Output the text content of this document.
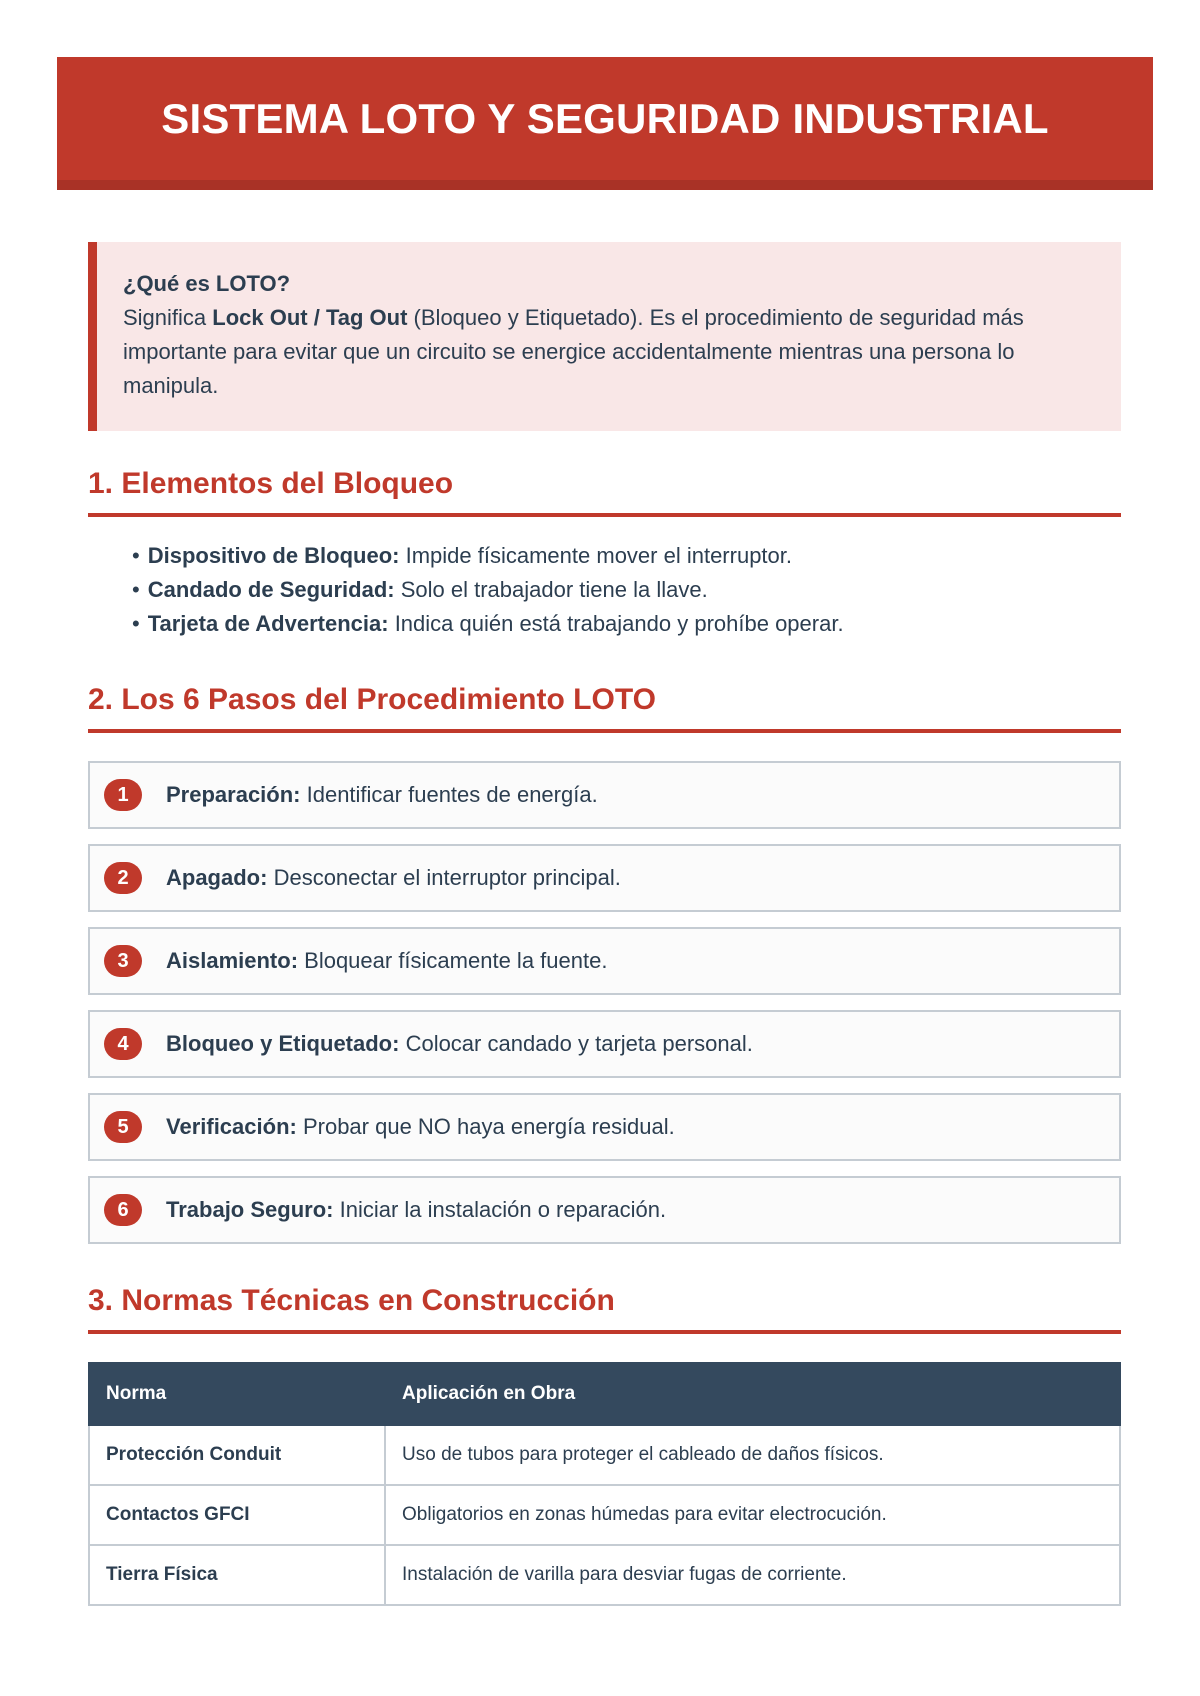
SISTEMA LOTO Y SEGURIDAD INDUSTRIAL
¿Qué es LOTO?
Significa Lock Out / Tag Out (Bloqueo y Etiquetado). Es el procedimiento de seguridad más importante para evitar que un circuito se energice accidentalmente mientras una persona lo manipula.
1. Elementos del Bloqueo
• Dispositivo de Bloqueo: Impide físicamente mover el interruptor.
• Candado de Seguridad: Solo el trabajador tiene la llave.
• Tarjeta de Advertencia: Indica quién está trabajando y prohíbe operar.
2. Los 6 Pasos del Procedimiento LOTO
1	Preparación: Identificar fuentes de energía.
2	Apagado: Desconectar el interruptor principal.
3	Aislamiento: Bloquear físicamente la fuente.
4	Bloqueo y Etiquetado: Colocar candado y tarjeta personal.
5	Verificación: Probar que NO haya energía residual.
6	Trabajo Seguro: Iniciar la instalación o reparación.
3. Normas Técnicas en Construcción
Norma	Aplicación en Obra
Protección Conduit	Uso de tubos para proteger el cableado de daños físicos.
Contactos GFCI	Obligatorios en zonas húmedas para evitar electrocución.
Tierra Física	Instalación de varilla para desviar fugas de corriente.
